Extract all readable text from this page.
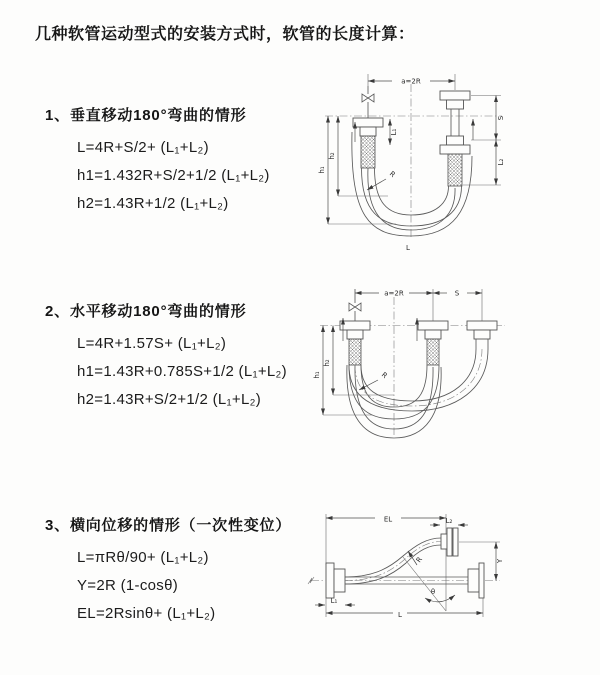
几种软管运动型式的安装方式时，软管的长度计算：
1、垂直移动180°弯曲的情形
L=4R+S/2+ (L₁+L₂)
h1=1.432R+S/2+1/2 (L₁+L₂)
h2=1.43R+1/2 (L₁+L₂)
2、水平移动180°弯曲的情形
L=4R+1.57S+ (L₁+L₂)
h1=1.43R+0.785S+1/2 (L₁+L₂)
h2=1.43R+S/2+1/2 (L₁+L₂)
3、横向位移的情形（一次性变位）
L=πRθ/90+ (L₁+L₂)
Y=2R (1-cosθ)
EL=2Rsinθ+ (L₁+L₂)
a=2R
h₁
h₂
L₁
S
L₂
R
L
a=2R	S
h₁
h₂
R
EL	L₂
Y
θ
R
L
L₁
